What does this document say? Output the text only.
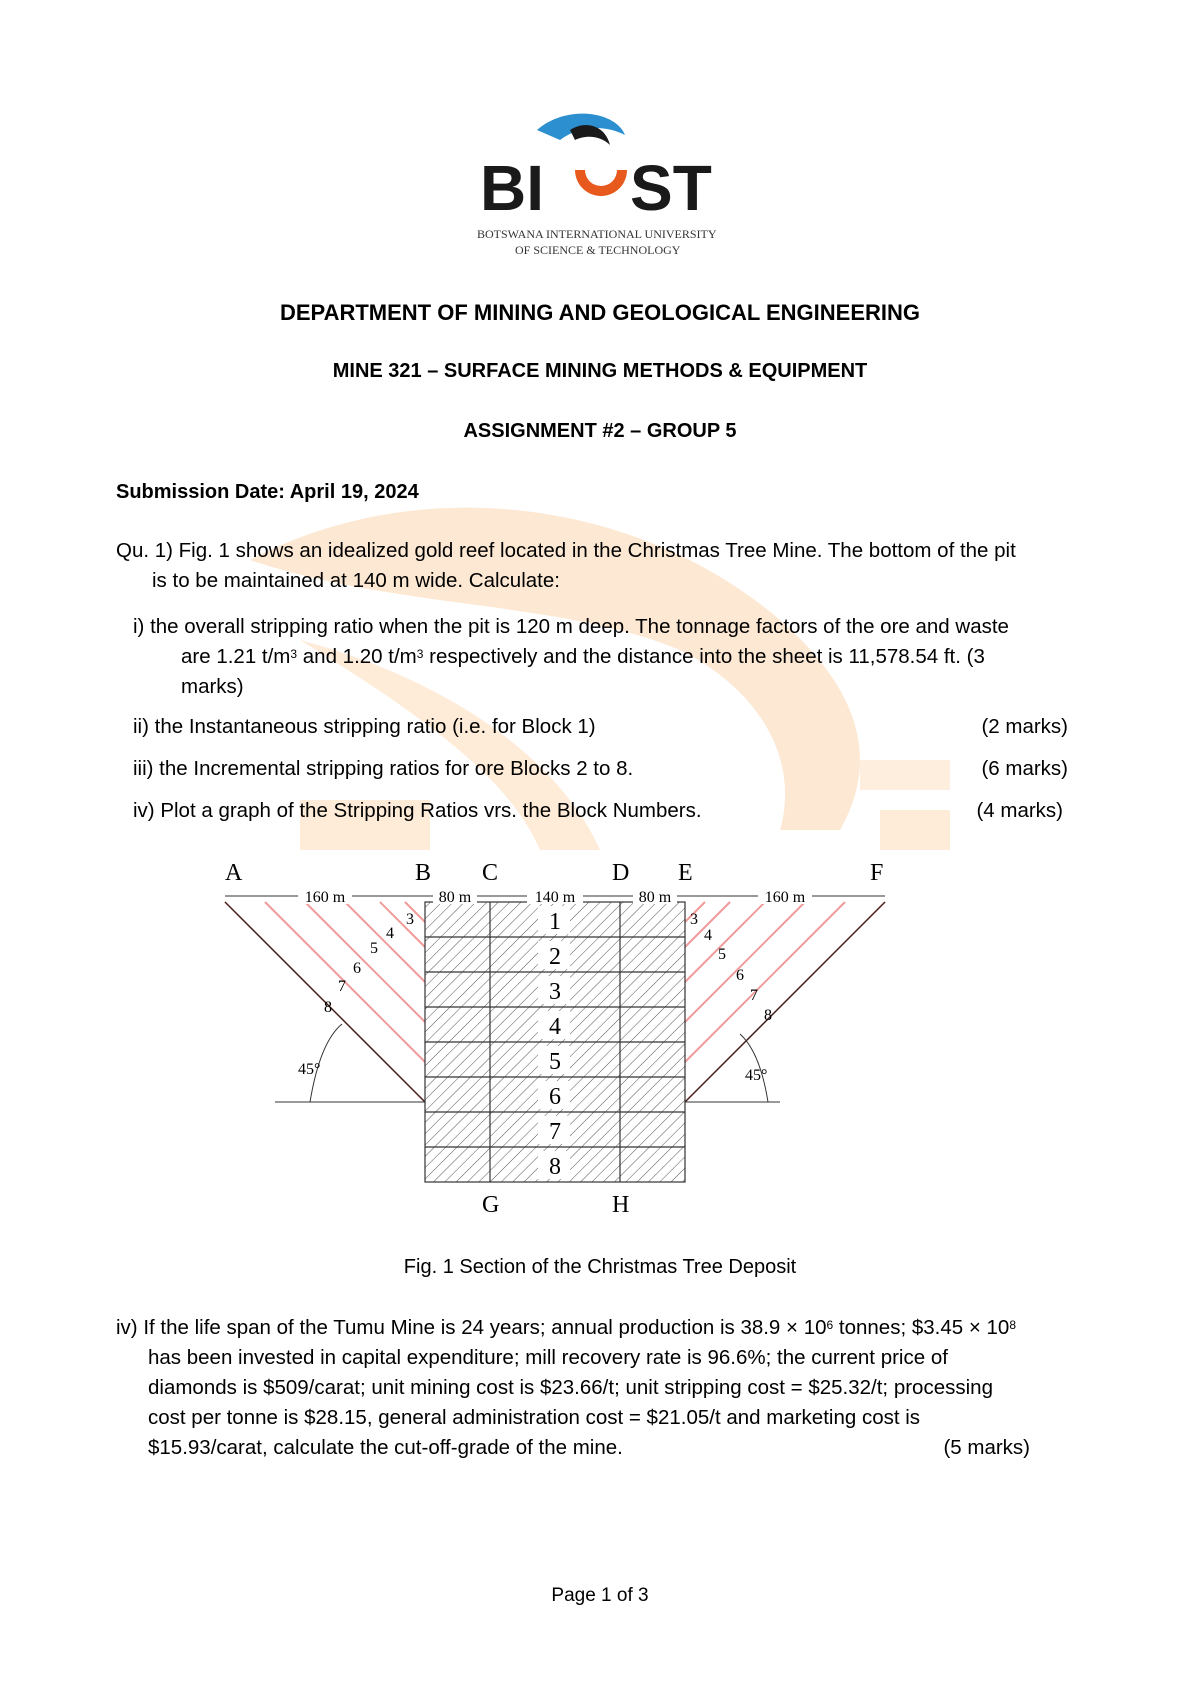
BI ST
BOTSWANA INTERNATIONAL UNIVERSITY
OF SCIENCE & TECHNOLOGY
DEPARTMENT OF MINING AND GEOLOGICAL ENGINEERING
MINE 321 – SURFACE MINING METHODS & EQUIPMENT
ASSIGNMENT #2 – GROUP 5
Submission Date: April 19, 2024
Qu. 1) Fig. 1 shows an idealized gold reef located in the Christmas Tree Mine. The bottom of the pit
is to be maintained at 140 m wide. Calculate:
i) the overall stripping ratio when the pit is 120 m deep. The tonnage factors of the ore and waste
are 1.21 $t/m^3$ and 1.20 $t/m^3$ respectively and the distance into the sheet is 11,578.54 ft. (3
marks)
ii) the Instantaneous stripping ratio (i.e. for Block 1)	(2 marks)
iii) the Incremental stripping ratios for ore Blocks 2 to 8.	(6 marks)
iv) Plot a graph of the Stripping Ratios vrs. the Block Numbers.	(4 marks)
1
2
3
4
5
6
7
8
A	B C	D E	F
G	H
160 m	80 m	140 m	80 m	160 m
3
4
5
6
7
8
3
4
5
6
7
8
45°	45°
Fig. 1 Section of the Christmas Tree Deposit
iv) If the life span of the Tumu Mine is 24 years; annual production is $38.9 \times 10^6$ tonnes; $3.45 × $10^8$
has been invested in capital expenditure; mill recovery rate is 96.6%; the current price of
diamonds is $509/carat; unit mining cost is $23.66/t; unit stripping cost = $25.32/t; processing
cost per tonne is $28.15, general administration cost = $21.05/t and marketing cost is
$15.93/carat, calculate the cut-off-grade of the mine.	(5 marks)
Page 1 of 3
